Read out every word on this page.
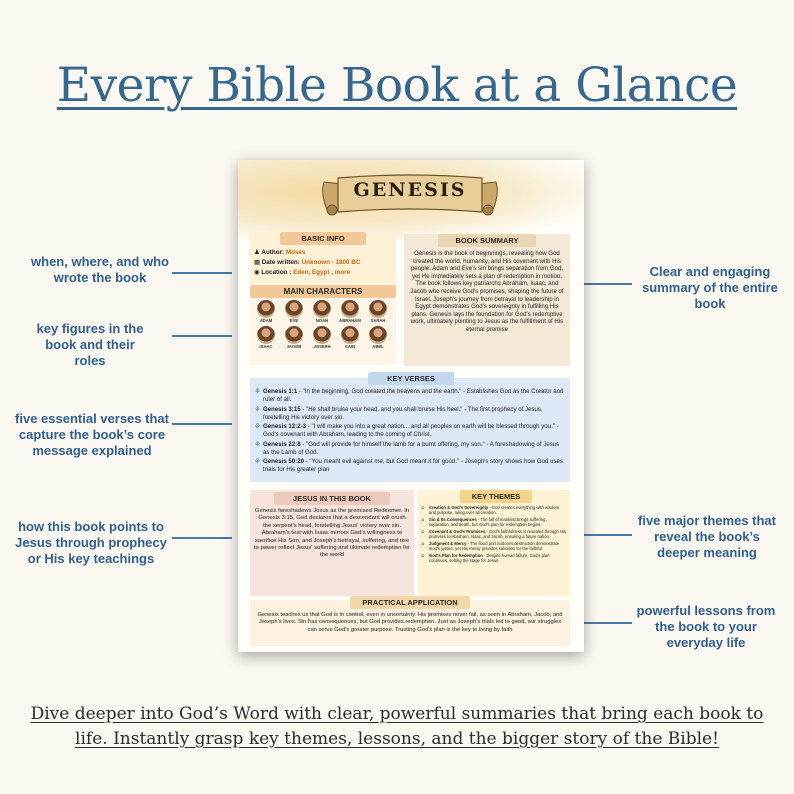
Every Bible Book at a Glance
when, where, and who wrote the book
key figures in the book and their roles
five essential verses that capture the book’s core message explained
how this book points to Jesus through prophecy or His key teachings
Clear and engaging summary of the entire book
five major themes that reveal the book’s deeper meaning
powerful lessons from the book to your everyday life
GENESIS
BASIC INFO
♟ Author: Moses
▦ Date written: Unknown - 1800 BC
◉ Location : Eden, Egypt , more
MAIN CHARACTERS
ADAM	EVE	NOAH	ABRAHAM	SARAH
ISAAC	JACOB	JOSEPH	CAIN	ABEL
BOOK SUMMARY
Genesis is the book of beginnings, revealing how God created the world, humanity, and His covenant with His people. Adam and Eve's sin brings separation from God, yet He immediately sets a plan of redemption in motion. The book follows key patriarchs Abraham, Isaac, and Jacob who receive God's promises, shaping the future of Israel. Joseph's journey from betrayal to leadership in Egypt demonstrates God's sovereignty in fulfilling His plans. Genesis lays the foundation for God's redemptive work, ultimately pointing to Jesus as the fulfillment of His eternal promise
KEY VERSES
⚘ Genesis 1:1 - "In the beginning, God created the heavens and the earth." - Establishes God as the Creator and ruler of all.
⚘ Genesis 3:15 - "He shall bruise your head, and you shall bruise His heel." - The first prophecy of Jesus, foretelling His victory over sin.
⚘ Genesis 12:2-3 - "I will make you into a great nation... and all peoples on earth will be blessed through you." - God's covenant with Abraham, leading to the coming of Christ.
⚘ Genesis 22:8 - "God will provide for himself the lamb for a burnt offering, my son." - A foreshadowing of Jesus as the Lamb of God.
⚘ Genesis 50:20 - "You meant evil against me, but God meant it for good." - Joseph's story shows how God uses trials for His greater plan
JESUS IN THIS BOOK
Genesis foreshadows Jesus as the promised Redeemer. In Genesis 3:15, God declares that a descendant will crush the serpent's head, foretelling Jesus' victory over sin. Abraham's test with Isaac mirrors God's willingness to sacrifice His Son, and Joseph's betrayal, suffering, and rise to power reflect Jesus' suffering and ultimate redemption for the world
KEY THEMES
⌕ Creation & God's Sovereignty - God creates everything with wisdom and purpose, ruling over all creation.
⌕ Sin & Its Consequences - The fall of mankind brings suffering, separation, and death, but God's plan for redemption begins.
⌕ Covenant & God's Promises - God's faithfulness is revealed through His promises to Abraham, Isaac, and Jacob, ensuring a future nation.
⌕ Judgment & Mercy - The flood and Sodom's destruction demonstrate God's justice, yet His mercy provides salvation for the faithful.
⌕ God's Plan for Redemption - Despite human failure, God's plan continues, setting the stage for Jesus
PRACTICAL APPLICATION
Genesis teaches us that God is in control, even in uncertainty. His promises never fail, as seen in Abraham, Jacob, and Joseph's lives. Sin has consequences, but God provides redemption. Just as Joseph's trials led to good, our struggles can serve God's greater purpose. Trusting God's plan is the key to living by faith
Dive deeper into God’s Word with clear, powerful summaries that bring each book to life. Instantly grasp key themes, lessons, and the bigger story of the Bible!
